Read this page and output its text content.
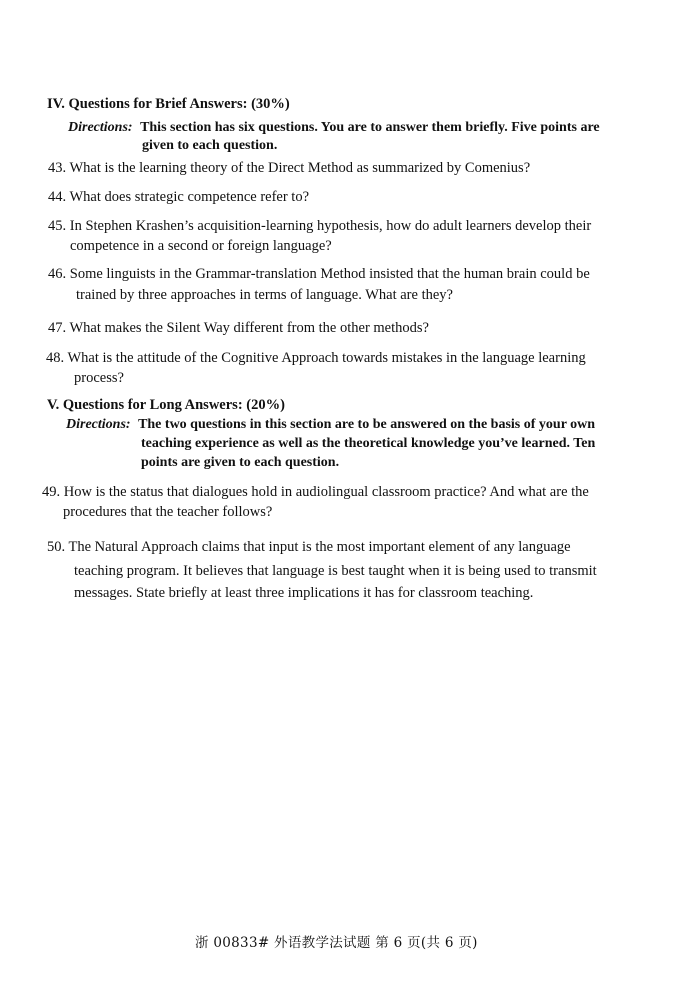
IV. Questions for Brief Answers: (30%)
Directions: This section has six questions. You are to answer them briefly. Five points are
given to each question.
43. What is the learning theory of the Direct Method as summarized by Comenius?
44. What does strategic competence refer to?
45. In Stephen Krashen’s acquisition-learning hypothesis, how do adult learners develop their
competence in a second or foreign language?
46. Some linguists in the Grammar-translation Method insisted that the human brain could be
trained by three approaches in terms of language. What are they?
47. What makes the Silent Way different from the other methods?
48. What is the attitude of the Cognitive Approach towards mistakes in the language learning
process?
V. Questions for Long Answers: (20%)
Directions: The two questions in this section are to be answered on the basis of your own
teaching experience as well as the theoretical knowledge you’ve learned. Ten
points are given to each question.
49. How is the status that dialogues hold in audiolingual classroom practice? And what are the
procedures that the teacher follows?
50. The Natural Approach claims that input is the most important element of any language
teaching program. It believes that language is best taught when it is being used to transmit
messages. State briefly at least three implications it has for classroom teaching.
浙 00833# 外语教学法试题 第 6 页(共 6 页)
